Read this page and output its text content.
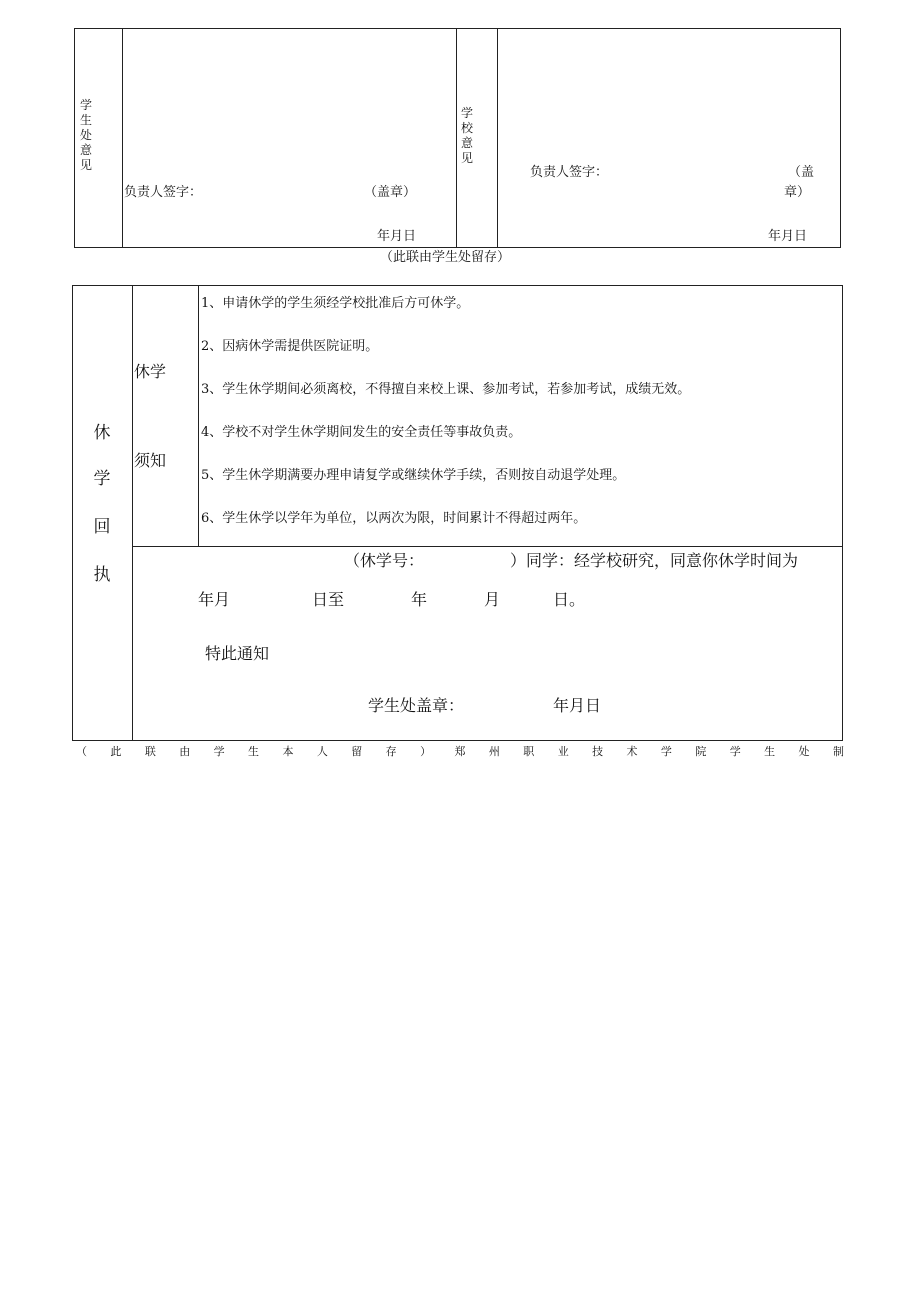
学生处意见
负责人签字：	（盖章）
年月日
学校意见
负责人签字：	（盖
章）
年月日
（此联由学生处留存）
休
学
回
执
休学
须知
1、申请休学的学生须经学校批准后方可休学。
2、因病休学需提供医院证明。
3、学生休学期间必须离校，不得擅自来校上课、参加考试，若参加考试，成绩无效。
4、学校不对学生休学期间发生的安全责任等事故负责。
5、学生休学期满要办理申请复学或继续休学手续，否则按自动退学处理。
6、学生休学以学年为单位，以两次为限，时间累计不得超过两年。
（休学号：	）同学：经学校研究，同意你休学时间为
年月	日至	年	月	日。
特此通知
学生处盖章：	年月日
（ 此 联 由 学 生 本 人 留 存 ） 郑 州 职 业 技 术 学 院 学 生 处 制
